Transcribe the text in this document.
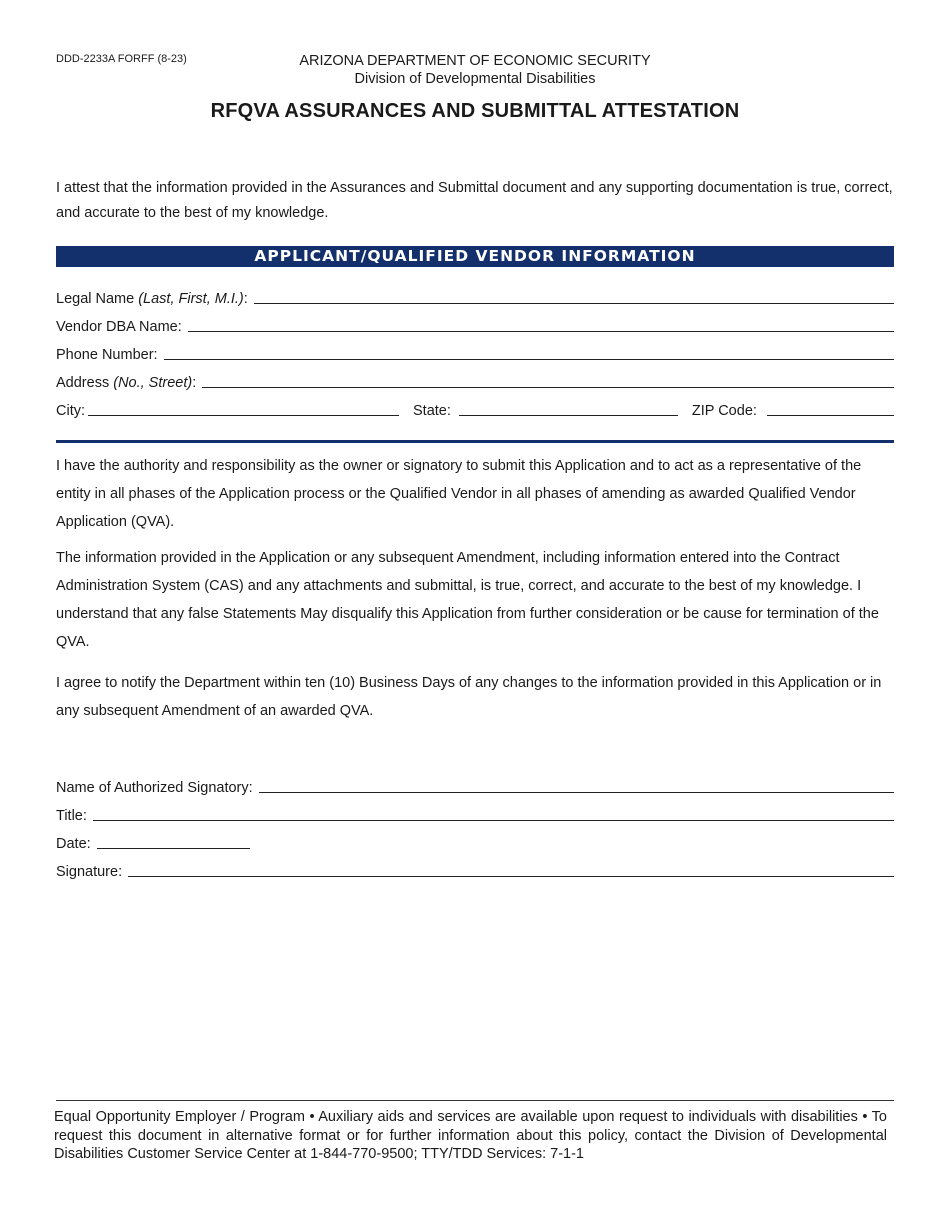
DDD-2233A FORFF (8-23)	ARIZONA DEPARTMENT OF ECONOMIC SECURITY
Division of Developmental Disabilities
RFQVA ASSURANCES AND SUBMITTAL ATTESTATION
I attest that the information provided in the Assurances and Submittal document and any supporting documentation is true, correct, and accurate to the best of my knowledge.
APPLICANT/QUALIFIED VENDOR INFORMATION
Legal Name (Last, First, M.I.):
Vendor DBA Name:
Phone Number:
Address (No., Street):
City:	State:	ZIP Code:
I have the authority and responsibility as the owner or signatory to submit this Application and to act as a representative of the entity in all phases of the Application process or the Qualified Vendor in all phases of amending as awarded Qualified Vendor Application (QVA).
The information provided in the Application or any subsequent Amendment, including information entered into the Contract Administration System (CAS) and any attachments and submittal, is true, correct, and accurate to the best of my knowledge. I understand that any false Statements May disqualify this Application from further consideration or be cause for termination of the QVA.
I agree to notify the Department within ten (10) Business Days of any changes to the information provided in this Application or in any subsequent Amendment of an awarded QVA.
Name of Authorized Signatory:
Title:
Date:
Signature:
Equal Opportunity Employer / Program • Auxiliary aids and services are available upon request to individuals with disabilities • To request this document in alternative format or for further information about this policy, contact the Division of Developmental Disabilities Customer Service Center at 1-844-770-9500; TTY/TDD Services: 7-1-1
